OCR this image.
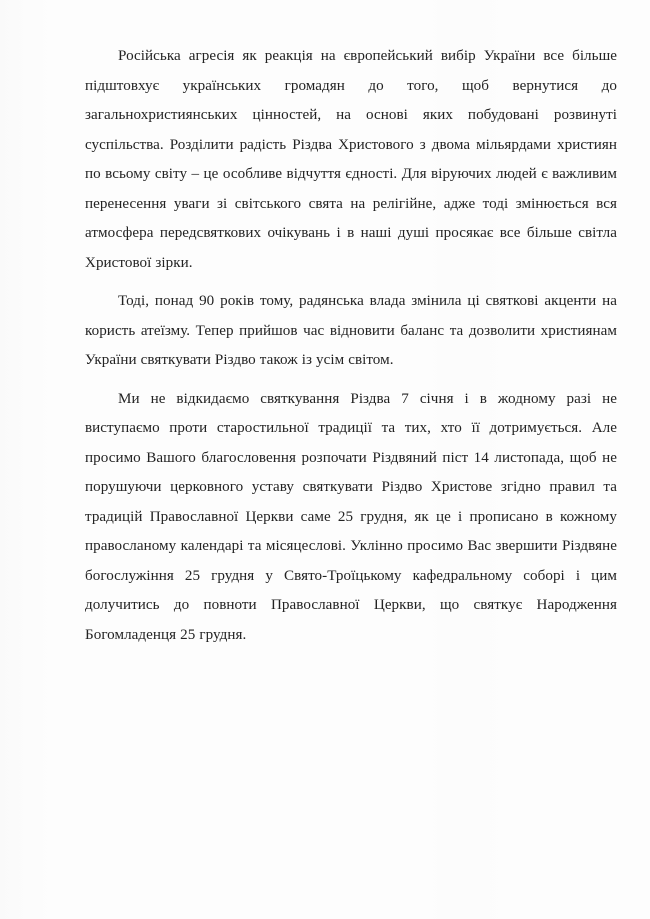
Російська агресія як реакція на європейський вибір України все більше підштовхує українських громадян до того, щоб вернутися до загальнохристиянських цінностей, на основі яких побудовані розвинуті суспільства. Розділити радість Різдва Христового з двома мільярдами християн по всьому світу – це особливе відчуття єдності. Для віруючих людей є важливим перенесення уваги зі світського свята на релігійне, адже тоді змінюється вся атмосфера передсвяткових очікувань і в наші душі просякає все більше світла Христової зірки.

Тоді, понад 90 років тому, радянська влада змінила ці святкові акценти на користь атеїзму. Тепер прийшов час відновити баланс та дозволити християнам України святкувати Різдво також із усім світом.

Ми не відкидаємо святкування Різдва 7 січня і в жодному разі не виступаємо проти старостильної традиції та тих, хто її дотримується. Але просимо Вашого благословення розпочати Різдвяний піст 14 листопада, щоб не порушуючи церковного уставу святкувати Різдво Христове згідно правил та традицій Православної Церкви саме 25 грудня, як це і прописано в кожному правосланому календарі та місяцеслові. Уклінно просимо Вас звершити Різдвяне богослужіння 25 грудня у Свято-Троїцькому кафедральному соборі і цим долучитись до повноти Православної Церкви, що святкує Народження Богомладенця 25 грудня.
